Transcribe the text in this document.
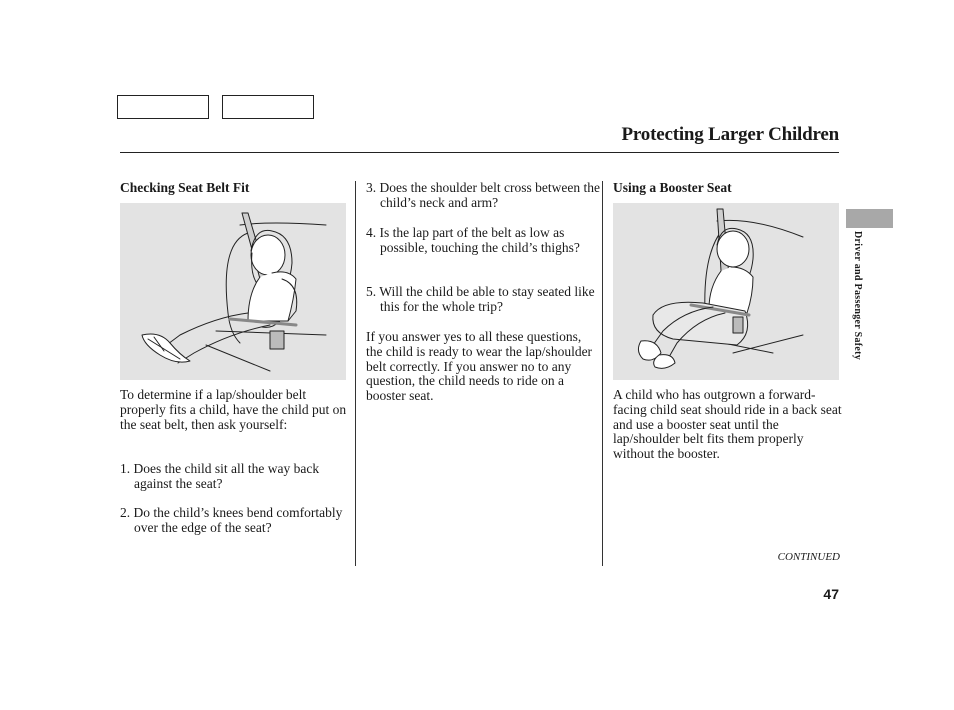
Protecting Larger Children
Checking Seat Belt Fit
To determine if a lap/shoulder belt properly fits a child, have the child put on the seat belt, then ask yourself:
1. Does the child sit all the way back against the seat?
2. Do the child’s knees bend comfortably over the edge of the seat?
3. Does the shoulder belt cross between the child’s neck and arm?
4. Is the lap part of the belt as low as possible, touching the child’s thighs?
5. Will the child be able to stay seated like this for the whole trip?
If you answer yes to all these questions, the child is ready to wear the lap/shoulder belt correctly. If you answer no to any question, the child needs to ride on a booster seat.
Using a Booster Seat
A child who has outgrown a forward-facing child seat should ride in a back seat and use a booster seat until the lap/shoulder belt fits them properly without the booster.
Driver and Passenger Safety
CONTINUED
47
